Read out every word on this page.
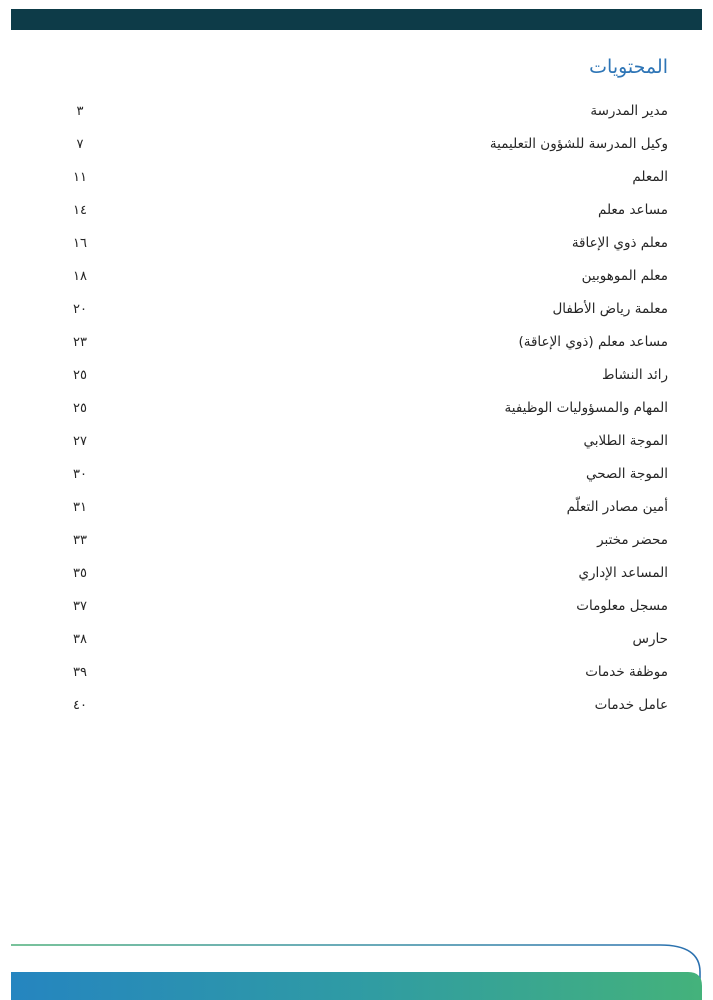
المحتويات
مدير المدرسة
٣
وكيل المدرسة للشؤون التعليمية
٧
المعلم
١١
مساعد معلم
١٤
معلم ذوي الإعاقة
١٦
معلم الموهوبين
١٨
معلمة رياض الأطفال
٢٠
مساعد معلم (ذوي الإعاقة)
٢٣
رائد النشاط
٢٥
المهام والمسؤوليات الوظيفية
٢٥
الموجة الطلابي
٢٧
الموجة الصحي
٣٠
أمين مصادر التعلّم
٣١
محضر مختبر
٣٣
المساعد الإداري
٣٥
مسجل معلومات
٣٧
حارس
٣٨
موظفة خدمات
٣٩
عامل خدمات
٤٠
